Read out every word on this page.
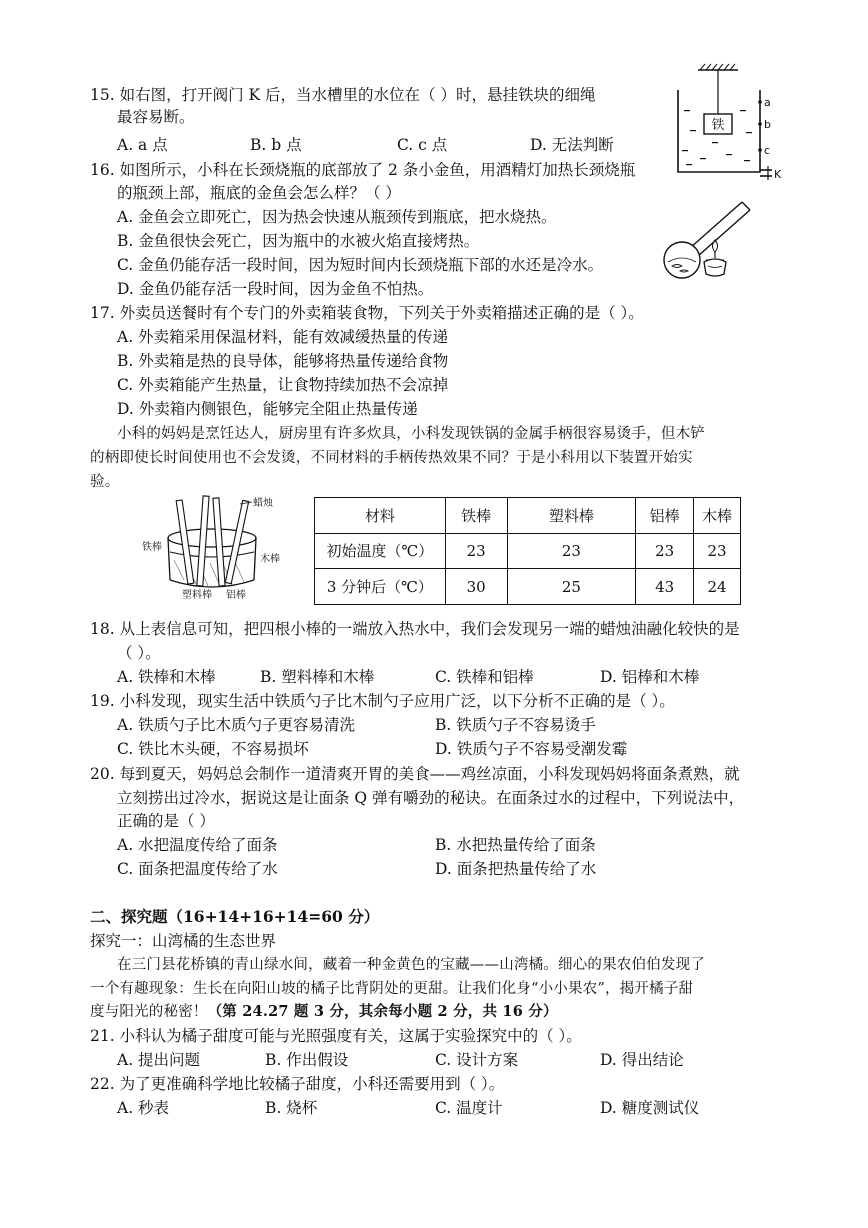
15. 如右图，打开阀门 K 后，当水槽里的水位在（ ）时，悬挂铁块的细绳
最容易断。
A. a 点	B. b 点	C. c 点	D. 无法判断
铁
a
b
c
K
16. 如图所示，小科在长颈烧瓶的底部放了 2 条小金鱼，用酒精灯加热长颈烧瓶
的瓶颈上部，瓶底的金鱼会怎么样？（ ）
A. 金鱼会立即死亡，因为热会快速从瓶颈传到瓶底，把水烧热。
B. 金鱼很快会死亡，因为瓶中的水被火焰直接烤热。
C. 金鱼仍能存活一段时间，因为短时间内长颈烧瓶下部的水还是冷水。
D. 金鱼仍能存活一段时间，因为金鱼不怕热。
17. 外卖员送餐时有个专门的外卖箱装食物，下列关于外卖箱描述正确的是（ ）。
A. 外卖箱采用保温材料，能有效减缓热量的传递
B. 外卖箱是热的良导体，能够将热量传递给食物
C. 外卖箱能产生热量，让食物持续加热不会凉掉
D. 外卖箱内侧银色，能够完全阻止热量传递
小科的妈妈是烹饪达人，厨房里有许多炊具，小科发现铁锅的金属手柄很容易烫手，但木铲
的柄即使长时间使用也不会发烫，不同材料的手柄传热效果不同？于是小科用以下装置开始实
验。
蜡烛
铁棒
木棒
塑料棒 铝棒
材料	铁棒	塑料棒	铝棒	木棒
初始温度（℃）	23	23	23	23
3 分钟后（℃）	30	25	43	24
18. 从上表信息可知，把四根小棒的一端放入热水中，我们会发现另一端的蜡烛油融化较快的是
（ ）。
A. 铁棒和木棒	B. 塑料棒和木棒	C. 铁棒和铝棒	D. 铝棒和木棒
19. 小科发现，现实生活中铁质勺子比木制勺子应用广泛，以下分析不正确的是（ ）。
A. 铁质勺子比木质勺子更容易清洗	B. 铁质勺子不容易烫手
C. 铁比木头硬，不容易损坏	D. 铁质勺子不容易受潮发霉
20. 每到夏天，妈妈总会制作一道清爽开胃的美食——鸡丝凉面，小科发现妈妈将面条煮熟，就
立刻捞出过冷水，据说这是让面条 Q 弹有嚼劲的秘诀。在面条过水的过程中，下列说法中，
正确的是（ ）
A. 水把温度传给了面条	B. 水把热量传给了面条
C. 面条把温度传给了水	D. 面条把热量传给了水
二、探究题（16+14+16+14=60 分）
探究一：山湾橘的生态世界
在三门县花桥镇的青山绿水间，藏着一种金黄色的宝藏——山湾橘。细心的果农伯伯发现了
一个有趣现象：生长在向阳山坡的橘子比背阴处的更甜。让我们化身“小小果农”，揭开橘子甜
度与阳光的秘密！（第 24.27 题 3 分，其余每小题 2 分，共 16 分）
21. 小科认为橘子甜度可能与光照强度有关，这属于实验探究中的（ ）。
A. 提出问题	B. 作出假设	C. 设计方案	D. 得出结论
22. 为了更准确科学地比较橘子甜度，小科还需要用到（ ）。
A. 秒表	B. 烧杯	C. 温度计	D. 糖度测试仪
